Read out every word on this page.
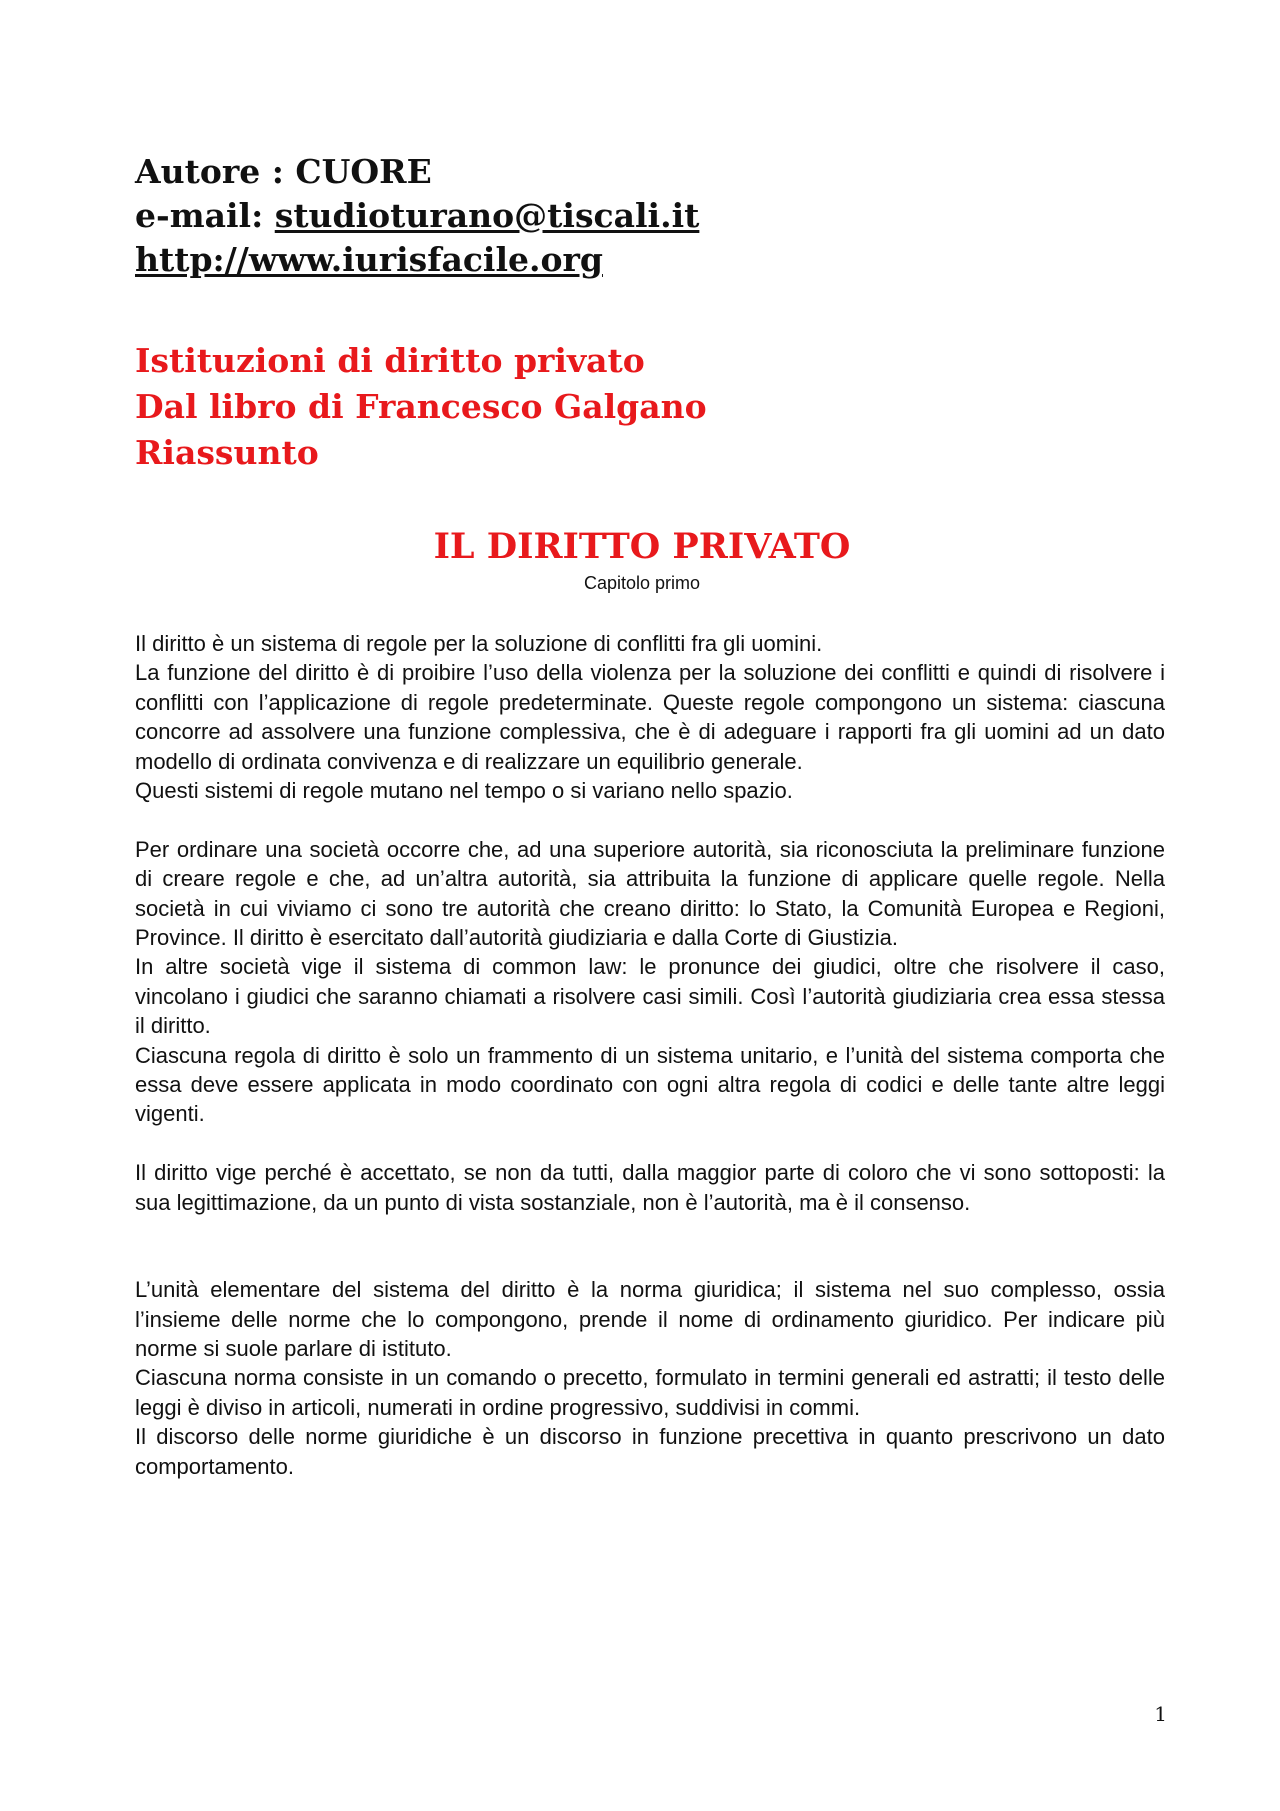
Autore : CUORE
e-mail: studioturano@tiscali.it
http://www.iurisfacile.org
Istituzioni di diritto privato
Dal libro di Francesco Galgano
Riassunto
IL DIRITTO PRIVATO
Capitolo primo

Il diritto è un sistema di regole per la soluzione di conflitti fra gli uomini.

La funzione del diritto è di proibire l’uso della violenza per la soluzione dei conflitti e quindi di risolvere i conflitti con l’applicazione di regole predeterminate. Queste regole compongono un sistema: ciascuna concorre ad assolvere una funzione complessiva, che è di adeguare i rapporti fra gli uomini ad un dato modello di ordinata convivenza e di realizzare un equilibrio generale.

Questi sistemi di regole mutano nel tempo o si variano nello spazio.

Per ordinare una società occorre che, ad una superiore autorità, sia riconosciuta la preliminare funzione di creare regole e che, ad un’altra autorità, sia attribuita la funzione di applicare quelle regole. Nella società in cui viviamo ci sono tre autorità che creano diritto: lo Stato, la Comunità Europea e Regioni, Province. Il diritto è esercitato dall’autorità giudiziaria e dalla Corte di Giustizia.

In altre società vige il sistema di common law: le pronunce dei giudici, oltre che risolvere il caso, vincolano i giudici che saranno chiamati a risolvere casi simili. Così l’autorità giudiziaria crea essa stessa il diritto.

Ciascuna regola di diritto è solo un frammento di un sistema unitario, e l’unità del sistema comporta che essa deve essere applicata in modo coordinato con ogni altra regola di codici e delle tante altre leggi vigenti.

Il diritto vige perché è accettato, se non da tutti, dalla maggior parte di coloro che vi sono sottoposti: la sua legittimazione, da un punto di vista sostanziale, non è l’autorità, ma è il consenso.

L’unità elementare del sistema del diritto è la norma giuridica; il sistema nel suo complesso, ossia l’insieme delle norme che lo compongono, prende il nome di ordinamento giuridico. Per indicare più norme si suole parlare di istituto.

Ciascuna norma consiste in un comando o precetto, formulato in termini generali ed astratti; il testo delle leggi è diviso in articoli, numerati in ordine progressivo, suddivisi in commi.

Il discorso delle norme giuridiche è un discorso in funzione precettiva in quanto prescrivono un dato comportamento.

1
